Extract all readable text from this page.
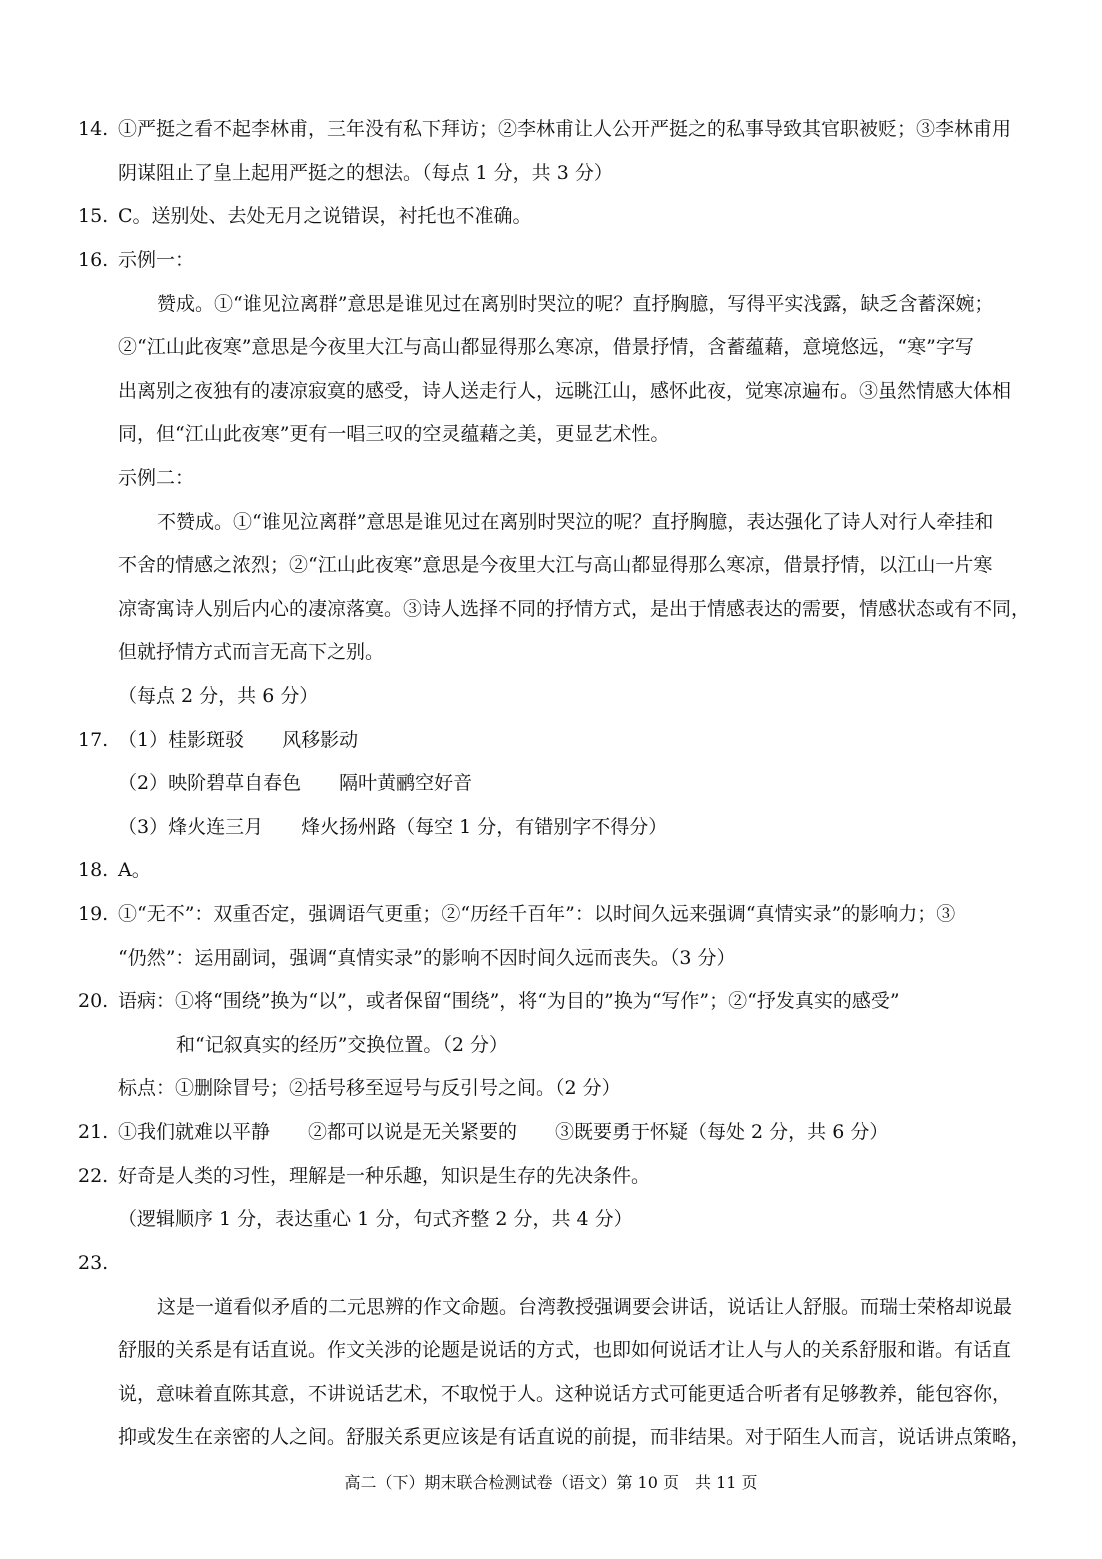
14. ①严挺之看不起李林甫，三年没有私下拜访；②李林甫让人公开严挺之的私事导致其官职被贬；③李林甫用
阴谋阻止了皇上起用严挺之的想法。（每点 1 分，共 3 分）
15. C。送别处、去处无月之说错误，衬托也不准确。
16. 示例一：
赞成。①“谁见泣离群”意思是谁见过在离别时哭泣的呢？直抒胸臆，写得平实浅露，缺乏含蓄深婉；
②“江山此夜寒”意思是今夜里大江与高山都显得那么寒凉，借景抒情，含蓄蕴藉，意境悠远，“寒”字写
出离别之夜独有的凄凉寂寞的感受，诗人送走行人，远眺江山，感怀此夜，觉寒凉遍布。③虽然情感大体相
同，但“江山此夜寒”更有一唱三叹的空灵蕴藉之美，更显艺术性。
示例二：
不赞成。①“谁见泣离群”意思是谁见过在离别时哭泣的呢？直抒胸臆，表达强化了诗人对行人牵挂和
不舍的情感之浓烈；②“江山此夜寒”意思是今夜里大江与高山都显得那么寒凉，借景抒情，以江山一片寒
凉寄寓诗人别后内心的凄凉落寞。③诗人选择不同的抒情方式，是出于情感表达的需要，情感状态或有不同，
但就抒情方式而言无高下之别。
（每点 2 分，共 6 分）
17. （1）桂影斑驳　　风移影动
（2）映阶碧草自春色　　隔叶黄鹂空好音
（3）烽火连三月　　烽火扬州路（每空 1 分，有错别字不得分）
18. A。
19. ①“无不”：双重否定，强调语气更重；②“历经千百年”：以时间久远来强调“真情实录”的影响力；③
“仍然”：运用副词，强调“真情实录”的影响不因时间久远而丧失。（3 分）
20. 语病：①将“围绕”换为“以”，或者保留“围绕”，将“为目的”换为“写作”；②“抒发真实的感受”
和“记叙真实的经历”交换位置。（2 分）
标点：①删除冒号；②括号移至逗号与反引号之间。（2 分）
21. ①我们就难以平静　　②都可以说是无关紧要的　　③既要勇于怀疑（每处 2 分，共 6 分）
22. 好奇是人类的习性，理解是一种乐趣，知识是生存的先决条件。
（逻辑顺序 1 分，表达重心 1 分，句式齐整 2 分，共 4 分）
23.
这是一道看似矛盾的二元思辨的作文命题。台湾教授强调要会讲话，说话让人舒服。而瑞士荣格却说最
舒服的关系是有话直说。作文关涉的论题是说话的方式，也即如何说话才让人与人的关系舒服和谐。有话直
说，意味着直陈其意，不讲说话艺术，不取悦于人。这种说话方式可能更适合听者有足够教养，能包容你，
抑或发生在亲密的人之间。舒服关系更应该是有话直说的前提，而非结果。对于陌生人而言，说话讲点策略，
高二（下）期末联合检测试卷（语文）第 10 页　共 11 页
